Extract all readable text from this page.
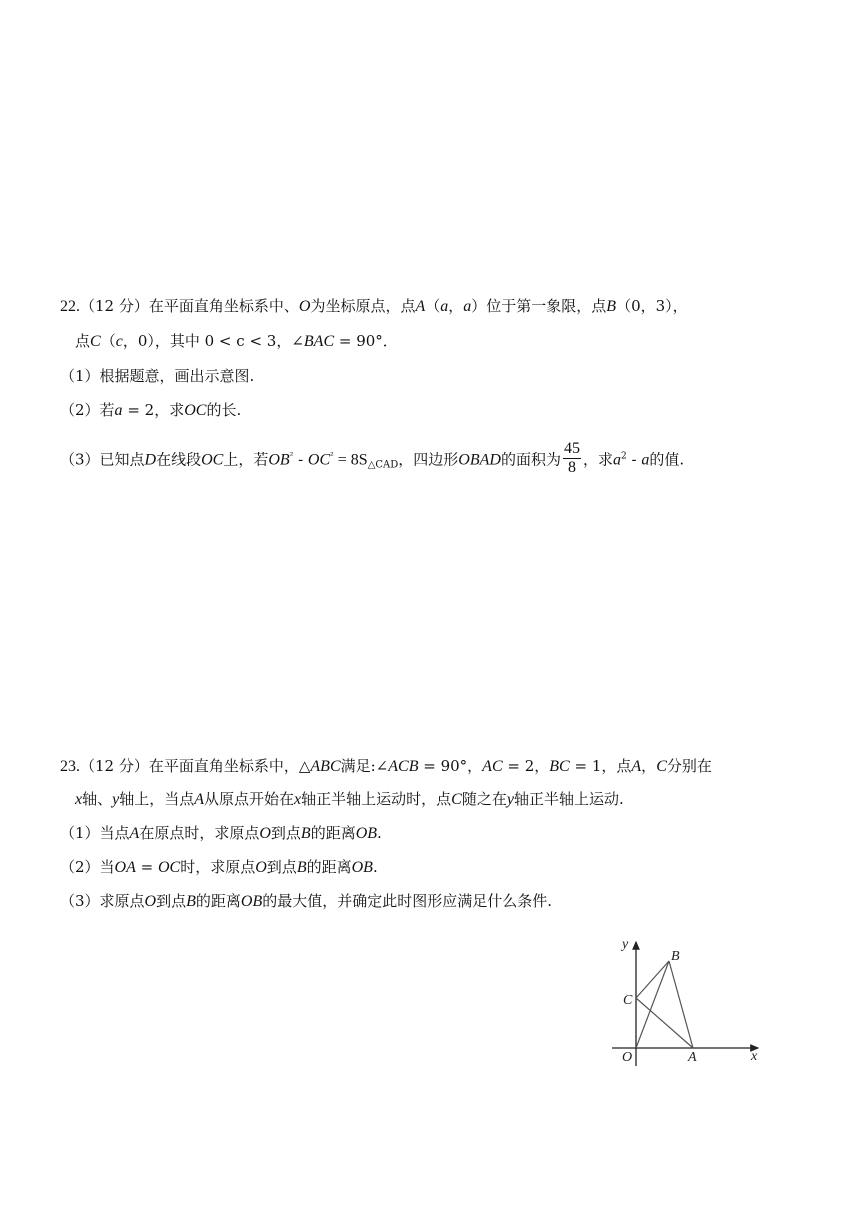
22.（12 分）在平面直角坐标系中、O为坐标原点，点A（a，a）位于第一象限，点B（0，3），
点C（c，0），其中 0 < c < 3，∠BAC = 90°．
（1）根据题意，画出示意图.
（2）若a = 2，求OC的长.
（3）已知点D在线段OC上，若$OB^{^2} - OC^{^2} = 8S_{\triangle CAD}$，四边形OBAD的面积为 $\frac{45}{8}$ ，求$a^2$ - a的值.
23.（12 分）在平面直角坐标系中，△ABC满足:∠ACB = 90°，AC = 2，BC = 1，点A，C分别在
x轴、y轴上，当点A从原点开始在x轴正半轴上运动时，点C随之在y轴正半轴上运动.
（1）当点A在原点时，求原点O到点B的距离OB.
（2）当OA = OC时，求原点O到点B的距离OB.
（3）求原点O到点B的距离OB的最大值，并确定此时图形应满足什么条件.
y
x
O	A
B
C
